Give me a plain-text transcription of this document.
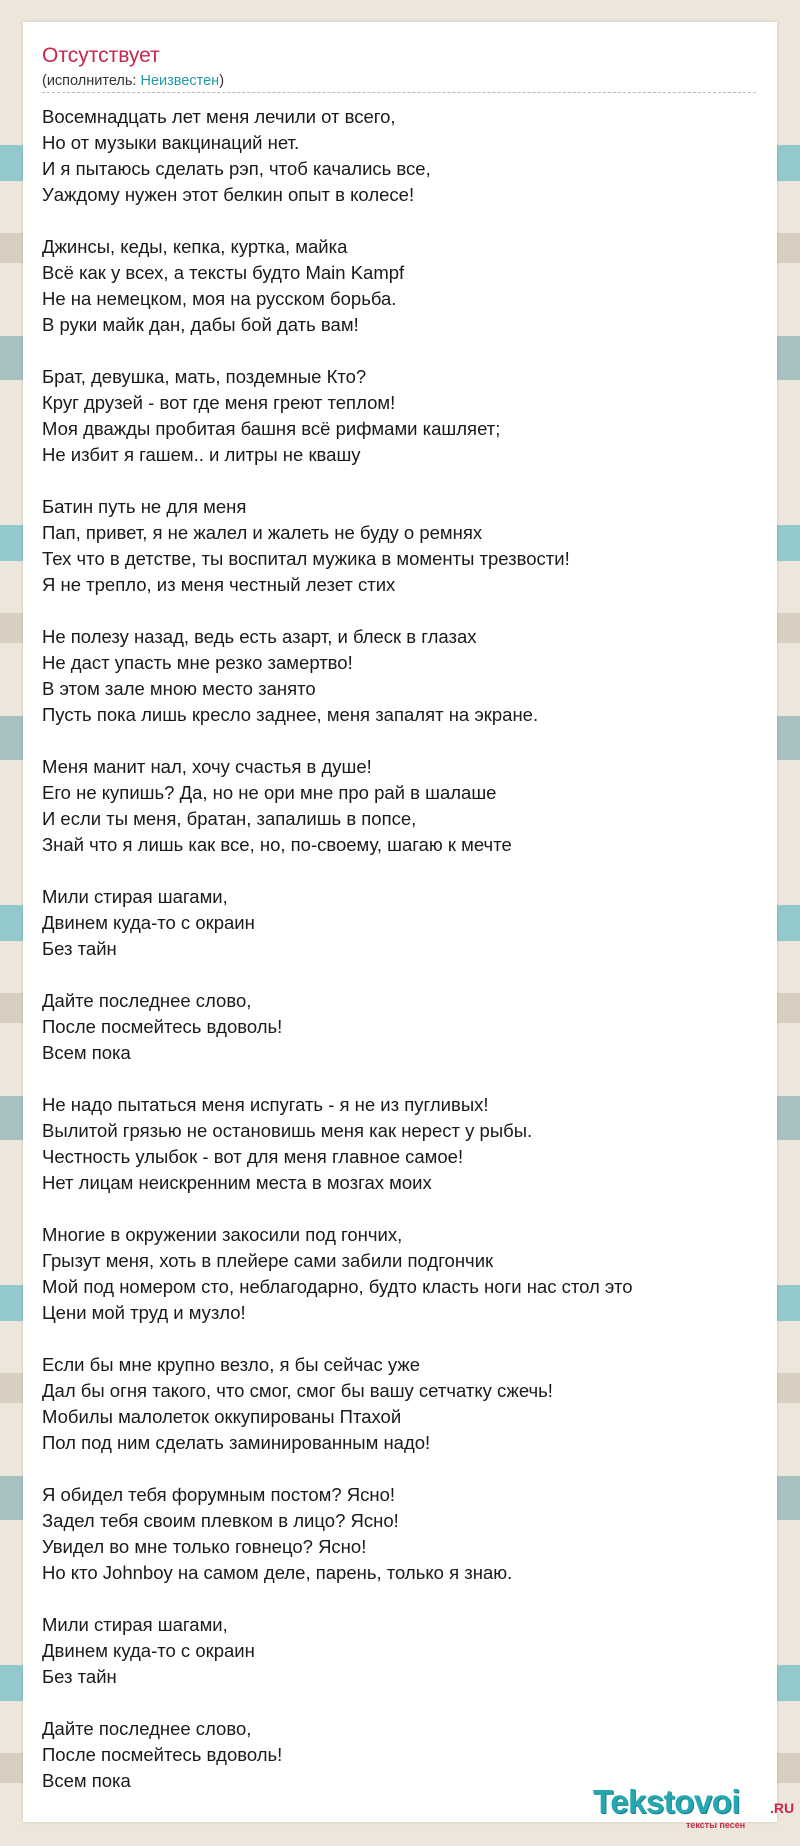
Отсутствует
(исполнитель: Неизвестен)
Восемнадцать лет меня лечили от всего,
Но от музыки вакцинаций нет.
И я пытаюсь сделать рэп, чтоб качались все,
Уаждому нужен этот белкин опыт в колесе!
Джинсы, кеды, кепка, куртка, майка
Всё как у всех, а тексты будто Main Kampf
Не на немецком, моя на русском борьба.
В руки майк дан, дабы бой дать вам!
Брат, девушка, мать, поздемные Кто?
Круг друзей - вот где меня греют теплом!
Моя дважды пробитая башня всё рифмами кашляет;
Не избит я гашем.. и литры не квашу
Батин путь не для меня
Пап, привет, я не жалел и жалеть не буду о ремнях
Тех что в детстве, ты воспитал мужика в моменты трезвости!
Я не трепло, из меня честный лезет стих
Не полезу назад, ведь есть азарт, и блеск в глазах
Не даст упасть мне резко замертво!
В этом зале мною место занято
Пусть пока лишь кресло заднее, меня запалят на экране.
Меня манит нал, хочу счастья в душе!
Его не купишь? Да, но не ори мне про рай в шалаше
И если ты меня, братан, запалишь в попсе,
Знай что я лишь как все, но, по-своему, шагаю к мечте
Мили стирая шагами,
Двинем куда-то с окраин
Без тайн
Дайте последнее слово,
После посмейтесь вдоволь!
Всем пока
Не надо пытаться меня испугать - я не из пугливых!
Вылитой грязью не остановишь меня как нерест у рыбы.
Честность улыбок - вот для меня главное самое!
Нет лицам неискренним места в мозгах моих
Многие в окружении закосили под гончих,
Грызут меня, хоть в плейере сами забили подгончик
Мой под номером сто, неблагодарно, будто класть ноги нас стол это
Цени мой труд и музло!
Если бы мне крупно везло, я бы сейчас уже
Дал бы огня такого, что смог, смог бы вашу сетчатку сжечь!
Мобилы малолеток оккупированы Птахой
Пол под ним сделать заминированным надо!
Я обидел тебя форумным постом? Ясно!
Задел тебя своим плевком в лицо? Ясно!
Увидел во мне только говнецо? Ясно!
Но кто Johnboy на самом деле, парень, только я знаю.
Мили стирая шагами,
Двинем куда-то с окраин
Без тайн
Дайте последнее слово,
После посмейтесь вдоволь!
Всем пока
Tekstovoi .RU
тексты песен
